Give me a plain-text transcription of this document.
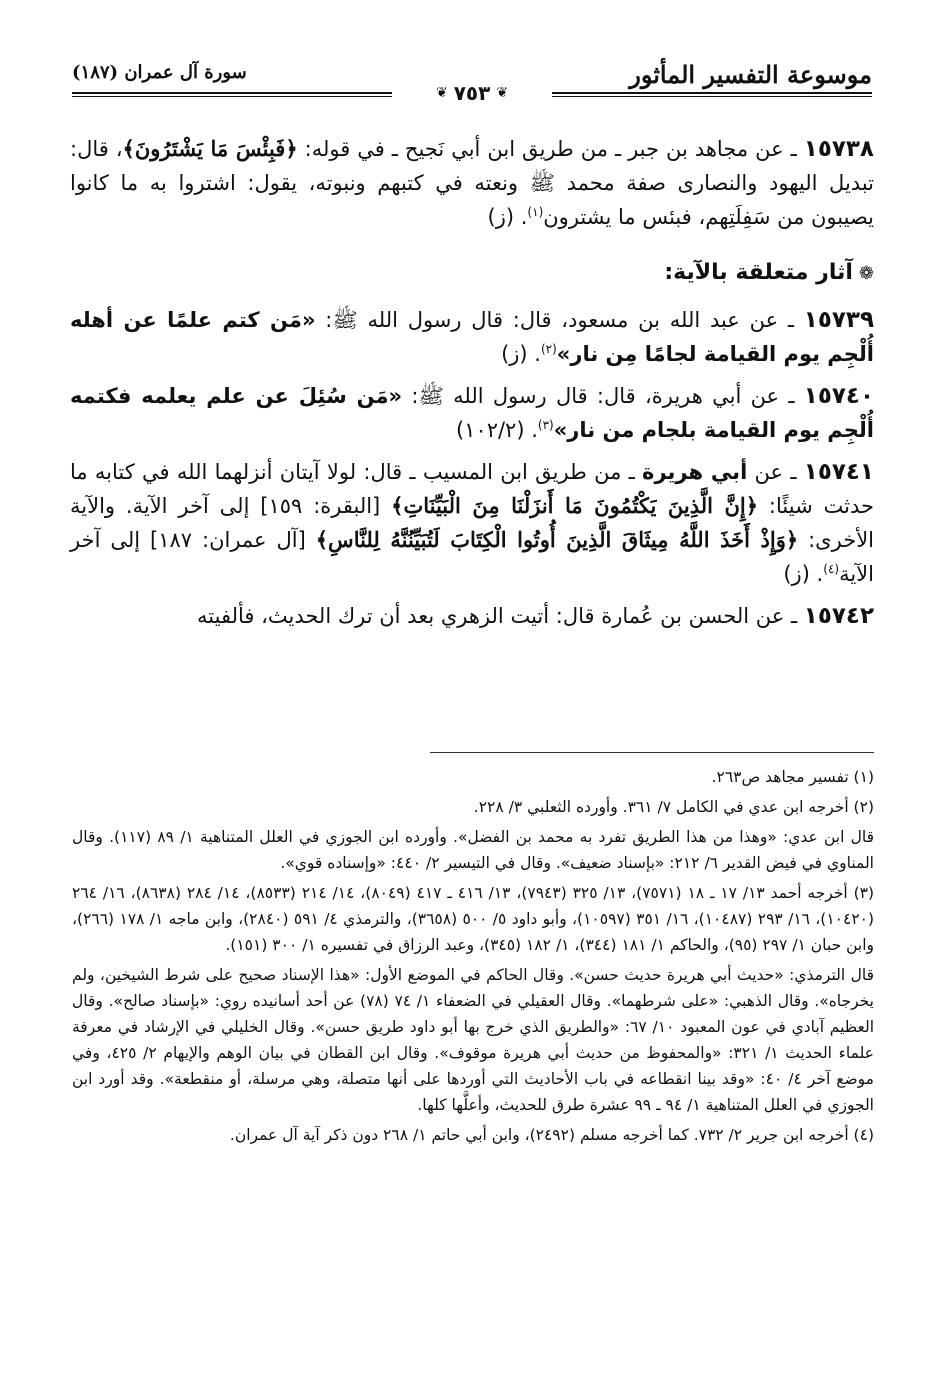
موسوعة التفسير المأثور
سورة آل عمران (١٨٧)
❦ ٧٥٣ ❦

١٥٧٣٨ ـ عن مجاهد بن جبر ـ من طريق ابن أبي نَجيح ـ في قوله: ﴿فَبِئْسَ مَا يَشْتَرُونَ﴾، قال: تبديل اليهود والنصارى صفة محمد ﷺ ونعته في كتبهم ونبوته، يقول: اشتروا به ما كانوا يصيبون من سَفِلَتِهم، فبئس ما يشترون$^{(١)}$. (ز)

❁آثار متعلقة بالآية:

١٥٧٣٩ ـ عن عبد الله بن مسعود، قال: قال رسول الله ﷺ: «مَن كتم علمًا عن أهله أُلْجِم يوم القيامة لجامًا مِن نار»$^{(٢)}$. (ز)

١٥٧٤٠ ـ عن أبي هريرة، قال: قال رسول الله ﷺ: «مَن سُئِلَ عن علم يعلمه فكتمه أُلْجِم يوم القيامة بلجام من نار»$^{(٣)}$. (١٠٢/٢)

١٥٧٤١ ـ عن أبي هريرة ـ من طريق ابن المسيب ـ قال: لولا آيتان أنزلهما الله في كتابه ما حدثت شيئًا: ﴿إِنَّ الَّذِينَ يَكْتُمُونَ مَا أَنزَلْنَا مِنَ الْبَيِّنَاتِ﴾ [البقرة: ١٥٩] إلى آخر الآية. والآية الأخرى: ﴿وَإِذْ أَخَذَ اللَّهُ مِيثَاقَ الَّذِينَ أُوتُوا الْكِتَابَ لَتُبَيِّنُنَّهُ لِلنَّاسِ﴾ [آل عمران: ١٨٧] إلى آخر الآية$^{(٤)}$. (ز)

١٥٧٤٢ ـ عن الحسن بن عُمارة قال: أتيت الزهري بعد أن ترك الحديث، فألفيته

(١) تفسير مجاهد ص٢٦٣.

(٢) أخرجه ابن عدي في الكامل ٧/ ٣٦١. وأورده الثعلبي ٣/ ٢٢٨.

قال ابن عدي: «وهذا من هذا الطريق تفرد به محمد بن الفضل». وأورده ابن الجوزي في العلل المتناهية ١/ ٨٩ (١١٧). وقال المناوي في فيض القدير ٦/ ٢١٢: «بإسناد ضعيف». وقال في التيسير ٢/ ٤٤٠: «وإسناده قوي».

(٣) أخرجه أحمد ١٣/ ١٧ ـ ١٨ (٧٥٧١)، ١٣/ ٣٢٥ (٧٩٤٣)، ١٣/ ٤١٦ ـ ٤١٧ (٨٠٤٩)، ١٤/ ٢١٤ (٨٥٣٣)، ١٤/ ٢٨٤ (٨٦٣٨)، ١٦/ ٢٦٤ (١٠٤٢٠)، ١٦/ ٢٩٣ (١٠٤٨٧)، ١٦/ ٣٥١ (١٠٥٩٧)، وأبو داود ٥/ ٥٠٠ (٣٦٥٨)، والترمذي ٤/ ٥٩١ (٢٨٤٠)، وابن ماجه ١/ ١٧٨ (٢٦٦)، وابن حبان ١/ ٢٩٧ (٩٥)، والحاكم ١/ ١٨١ (٣٤٤)، ١/ ١٨٢ (٣٤٥)، وعبد الرزاق في تفسيره ١/ ٣٠٠ (١٥١).

قال الترمذي: «حديث أبي هريرة حديث حسن». وقال الحاكم في الموضع الأول: «هذا الإسناد صحيح على شرط الشيخين، ولم يخرجاه». وقال الذهبي: «على شرطهما». وقال العقيلي في الضعفاء ١/ ٧٤ (٧٨) عن أحد أسانيده روي: «بإسناد صالح». وقال العظيم آبادي في عون المعبود ١٠/ ٦٧: «والطريق الذي خرج بها أبو داود طريق حسن». وقال الخليلي في الإرشاد في معرفة علماء الحديث ١/ ٣٢١: «والمحفوظ من حديث أبي هريرة موقوف». وقال ابن القطان في بيان الوهم والإيهام ٢/ ٤٢٥، وفي موضع آخر ٤/ ٤٠: «وقد بينا انقطاعه في باب الأحاديث التي أوردها على أنها متصلة، وهي مرسلة، أو منقطعة». وقد أورد ابن الجوزي في العلل المتناهية ١/ ٩٤ ـ ٩٩ عشرة طرق للحديث، وأعلَّها كلها.

(٤) أخرجه ابن جرير ٢/ ٧٣٢. كما أخرجه مسلم (٢٤٩٢)، وابن أبي حاتم ١/ ٢٦٨ دون ذكر آية آل عمران.
